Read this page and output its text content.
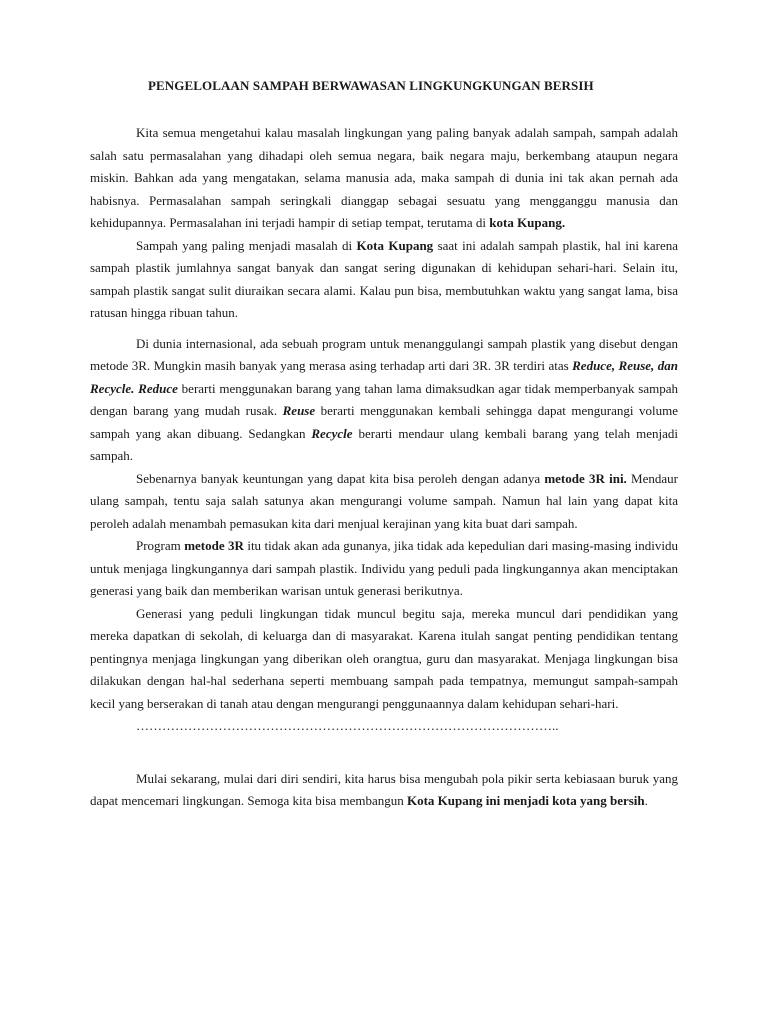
PENGELOLAAN SAMPAH BERWAWASAN LINGKUNGKUNGAN BERSIH

Kita semua mengetahui kalau masalah lingkungan yang paling banyak adalah sampah, sampah adalah salah satu permasalahan yang dihadapi oleh semua negara, baik negara maju, berkembang ataupun negara miskin. Bahkan ada yang mengatakan, selama manusia ada, maka sampah di dunia ini tak akan pernah ada habisnya. Permasalahan sampah seringkali dianggap sebagai sesuatu yang mengganggu manusia dan kehidupannya. Permasalahan ini terjadi hampir di setiap tempat, terutama di kota Kupang.

Sampah yang paling menjadi masalah di Kota Kupang saat ini adalah sampah plastik, hal ini karena sampah plastik jumlahnya sangat banyak dan sangat sering digunakan di kehidupan sehari-hari. Selain itu, sampah plastik sangat sulit diuraikan secara alami. Kalau pun bisa, membutuhkan waktu yang sangat lama, bisa ratusan hingga ribuan tahun.

Di dunia internasional, ada sebuah program untuk menanggulangi sampah plastik yang disebut dengan metode 3R. Mungkin masih banyak yang merasa asing terhadap arti dari 3R. 3R terdiri atas Reduce, Reuse, dan Recycle. Reduce berarti menggunakan barang yang tahan lama dimaksudkan agar tidak memperbanyak sampah dengan barang yang mudah rusak. Reuse berarti menggunakan kembali sehingga dapat mengurangi volume sampah yang akan dibuang. Sedangkan Recycle berarti mendaur ulang kembali barang yang telah menjadi sampah.

Sebenarnya banyak keuntungan yang dapat kita bisa peroleh dengan adanya metode 3R ini. Mendaur ulang sampah, tentu saja salah satunya akan mengurangi volume sampah. Namun hal lain yang dapat kita peroleh adalah menambah pemasukan kita dari menjual kerajinan yang kita buat dari sampah.

Program metode 3R itu tidak akan ada gunanya, jika tidak ada kepedulian dari masing-masing individu untuk menjaga lingkungannya dari sampah plastik. Individu yang peduli pada lingkungannya akan menciptakan generasi yang baik dan memberikan warisan untuk generasi berikutnya.

Generasi yang peduli lingkungan tidak muncul begitu saja, mereka muncul dari pendidikan yang mereka dapatkan di sekolah, di keluarga dan di masyarakat. Karena itulah sangat penting pendidikan tentang pentingnya menjaga lingkungan yang diberikan oleh orangtua, guru dan masyarakat. Menjaga lingkungan bisa dilakukan dengan hal-hal sederhana seperti membuang sampah pada tempatnya, memungut sampah-sampah kecil yang berserakan di tanah atau dengan mengurangi penggunaannya dalam kehidupan sehari-hari.

……………………………………………………………………………………..

Mulai sekarang, mulai dari diri sendiri, kita harus bisa mengubah pola pikir serta kebiasaan buruk yang dapat mencemari lingkungan. Semoga kita bisa membangun Kota Kupang ini menjadi kota yang bersih.
